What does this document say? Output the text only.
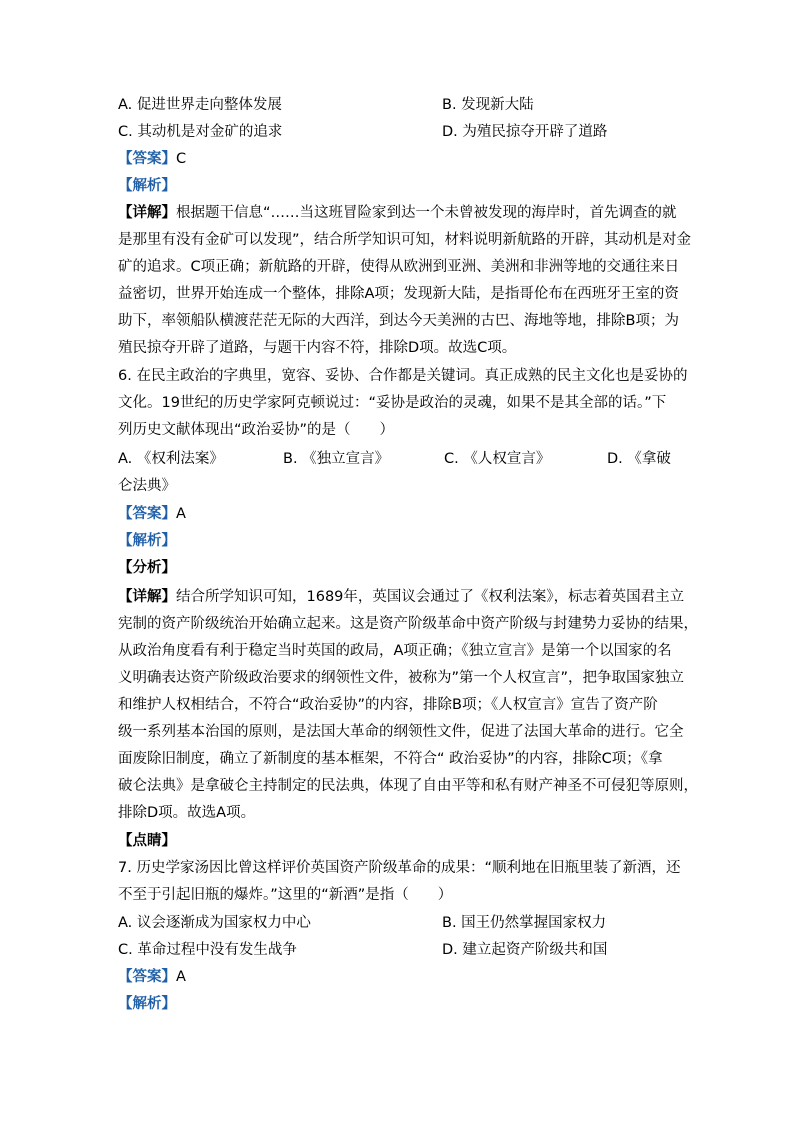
A. 促进世界走向整体发展	B. 发现新大陆
C. 其动机是对金矿的追求	D. 为殖民掠夺开辟了道路
【答案】C
【解析】
【详解】根据题干信息“……当这班冒险家到达一个未曾被发现的海岸时，首先调查的就
是那里有没有金矿可以发现”，结合所学知识可知，材料说明新航路的开辟，其动机是对金
矿的追求。C项正确；新航路的开辟，使得从欧洲到亚洲、美洲和非洲等地的交通往来日
益密切，世界开始连成一个整体，排除A项；发现新大陆，是指哥伦布在西班牙王室的资
助下，率领船队横渡茫茫无际的大西洋，到达今天美洲的古巴、海地等地，排除B项；为
殖民掠夺开辟了道路，与题干内容不符，排除D项。故选C项。
6. 在民主政治的字典里，宽容、妥协、合作都是关键词。真正成熟的民主文化也是妥协的
文化。19世纪的历史学家阿克顿说过：“妥协是政治的灵魂，如果不是其全部的话。”下
列历史文献体现出“政治妥协”的是（　　）
A. 《权利法案》	B. 《独立宣言》	C. 《人权宣言》	D. 《拿破
仑法典》
【答案】A
【解析】
【分析】
【详解】结合所学知识可知，1689年，英国议会通过了《权利法案》，标志着英国君主立
宪制的资产阶级统治开始确立起来。这是资产阶级革命中资产阶级与封建势力妥协的结果，
从政治角度看有利于稳定当时英国的政局，A项正确；《独立宣言》是第一个以国家的名
义明确表达资产阶级政治要求的纲领性文件，被称为”第一个人权宣言”，把争取国家独立
和维护人权相结合，不符合“政治妥协”的内容，排除B项；《人权宣言》宣告了资产阶
级一系列基本治国的原则，是法国大革命的纲领性文件，促进了法国大革命的进行。它全
面废除旧制度，确立了新制度的基本框架，不符合“ 政治妥协”的内容，排除C项；《拿
破仑法典》是拿破仑主持制定的民法典，体现了自由平等和私有财产神圣不可侵犯等原则，
排除D项。故选A项。
【点睛】
7. 历史学家汤因比曾这样评价英国资产阶级革命的成果：“顺利地在旧瓶里装了新酒，还
不至于引起旧瓶的爆炸。”这里的“新酒”是指（　　）
A. 议会逐渐成为国家权力中心	B. 国王仍然掌握国家权力
C. 革命过程中没有发生战争	D. 建立起资产阶级共和国
【答案】A
【解析】
